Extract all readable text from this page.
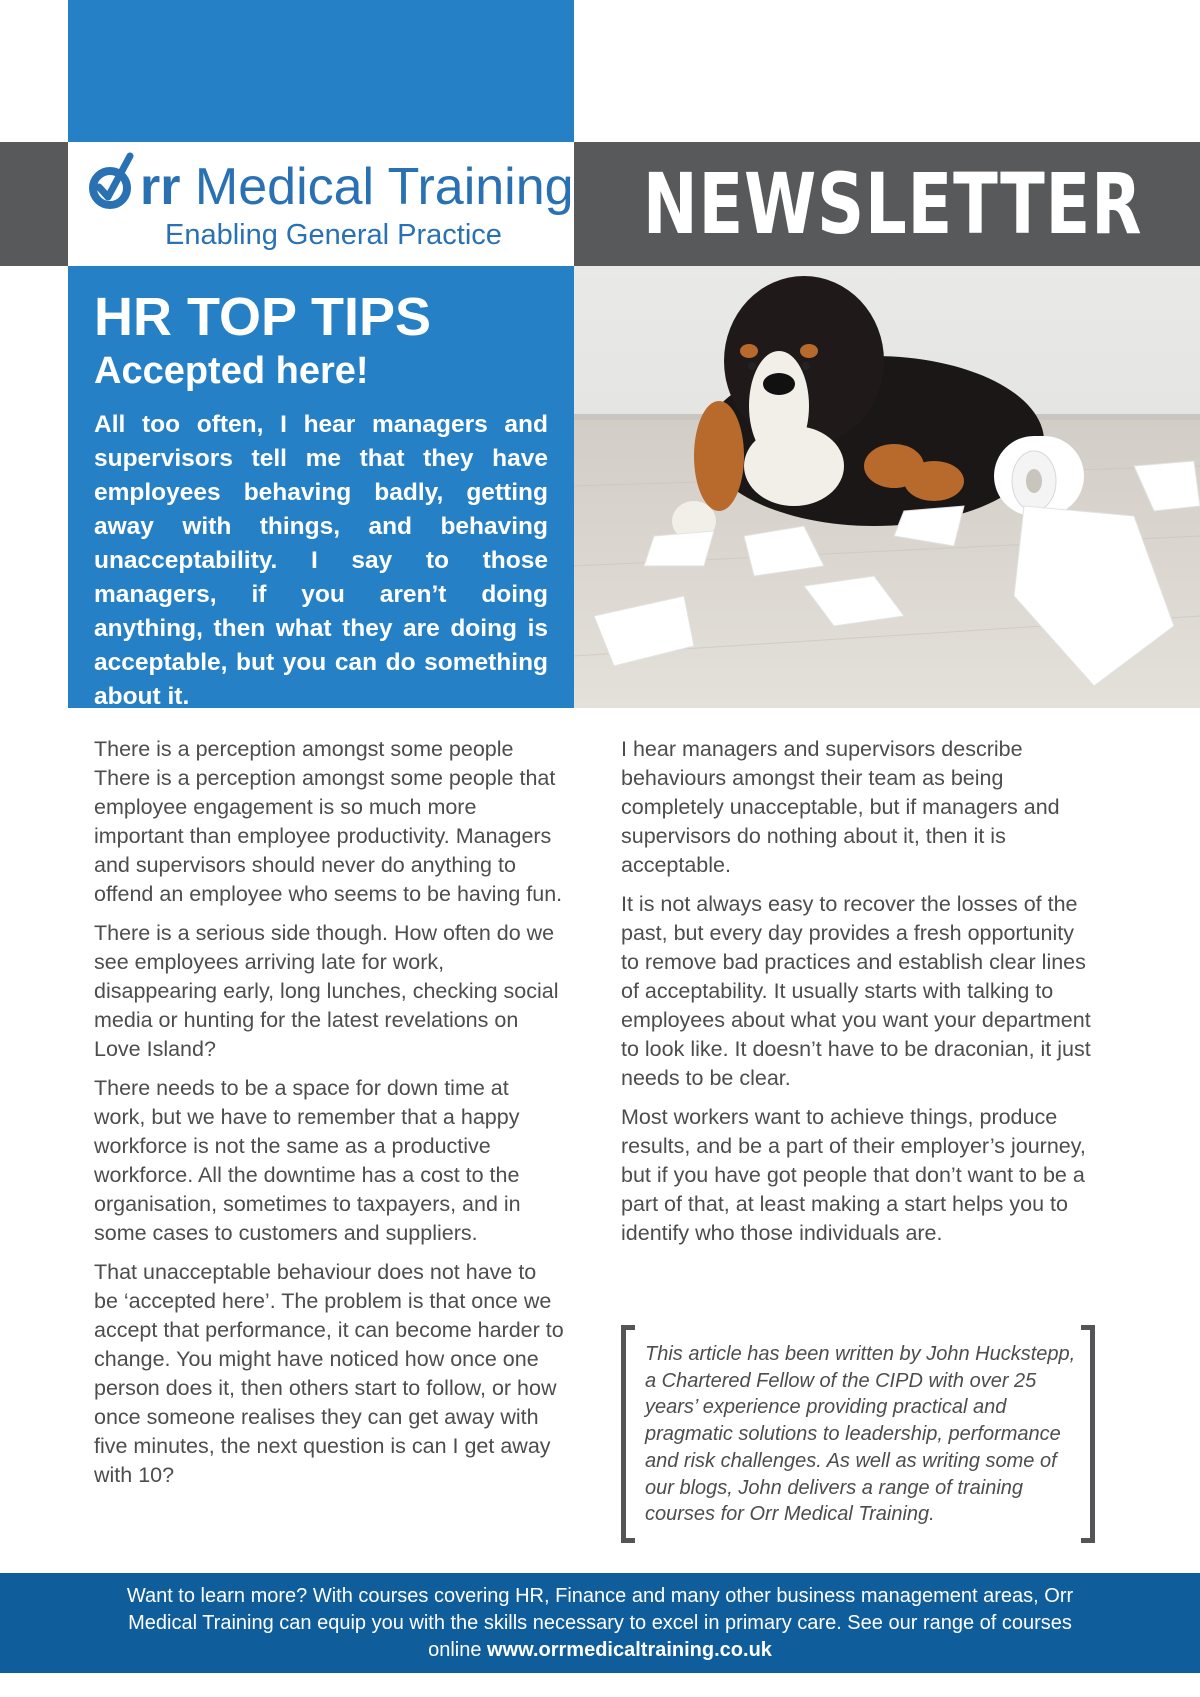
NEWSLETTER

rr Medical Training

Enabling General Practice

HR TOP TIPS
Accepted here!

All too often, I hear managers and supervisors tell me that they have employees behaving badly, getting away with things, and behaving unacceptability. I say to those managers, if you aren’t doing anything, then what they are doing is acceptable, but you can do something about it.

There is a perception amongst some people There is a perception amongst some people that employee engagement is so much more important than employee productivity. Managers and supervisors should never do anything to offend an employee who seems to be having fun.

There is a serious side though. How often do we see employees arriving late for work, disappearing early, long lunches, checking social media or hunting for the latest revelations on Love Island?

There needs to be a space for down time at work, but we have to remember that a happy workforce is not the same as a productive workforce. All the downtime has a cost to the organisation, sometimes to taxpayers, and in some cases to customers and suppliers.

That unacceptable behaviour does not have to be ‘accepted here’. The problem is that once we accept that performance, it can become harder to change. You might have noticed how once one person does it, then others start to follow, or how once someone realises they can get away with five minutes, the next question is can I get away with 10?

I hear managers and supervisors describe behaviours amongst their team as being completely unacceptable, but if managers and supervisors do nothing about it, then it is acceptable.

It is not always easy to recover the losses of the past, but every day provides a fresh opportunity to remove bad practices and establish clear lines of acceptability. It usually starts with talking to employees about what you want your department to look like. It doesn’t have to be draconian, it just needs to be clear.

Most workers want to achieve things, produce results, and be a part of their employer’s journey, but if you have got people that don’t want to be a part of that, at least making a start helps you to identify who those individuals are.

This article has been written by John Huckstepp, a Chartered Fellow of the CIPD with over 25 years’ experience providing practical and pragmatic solutions to leadership, performance and risk challenges. As well as writing some of our blogs, John delivers a range of training courses for Orr Medical Training.

Want to learn more? With courses covering HR, Finance and many other business management areas, Orr Medical Training can equip you with the skills necessary to excel in primary care. See our range of courses online www.orrmedicaltraining.co.uk
